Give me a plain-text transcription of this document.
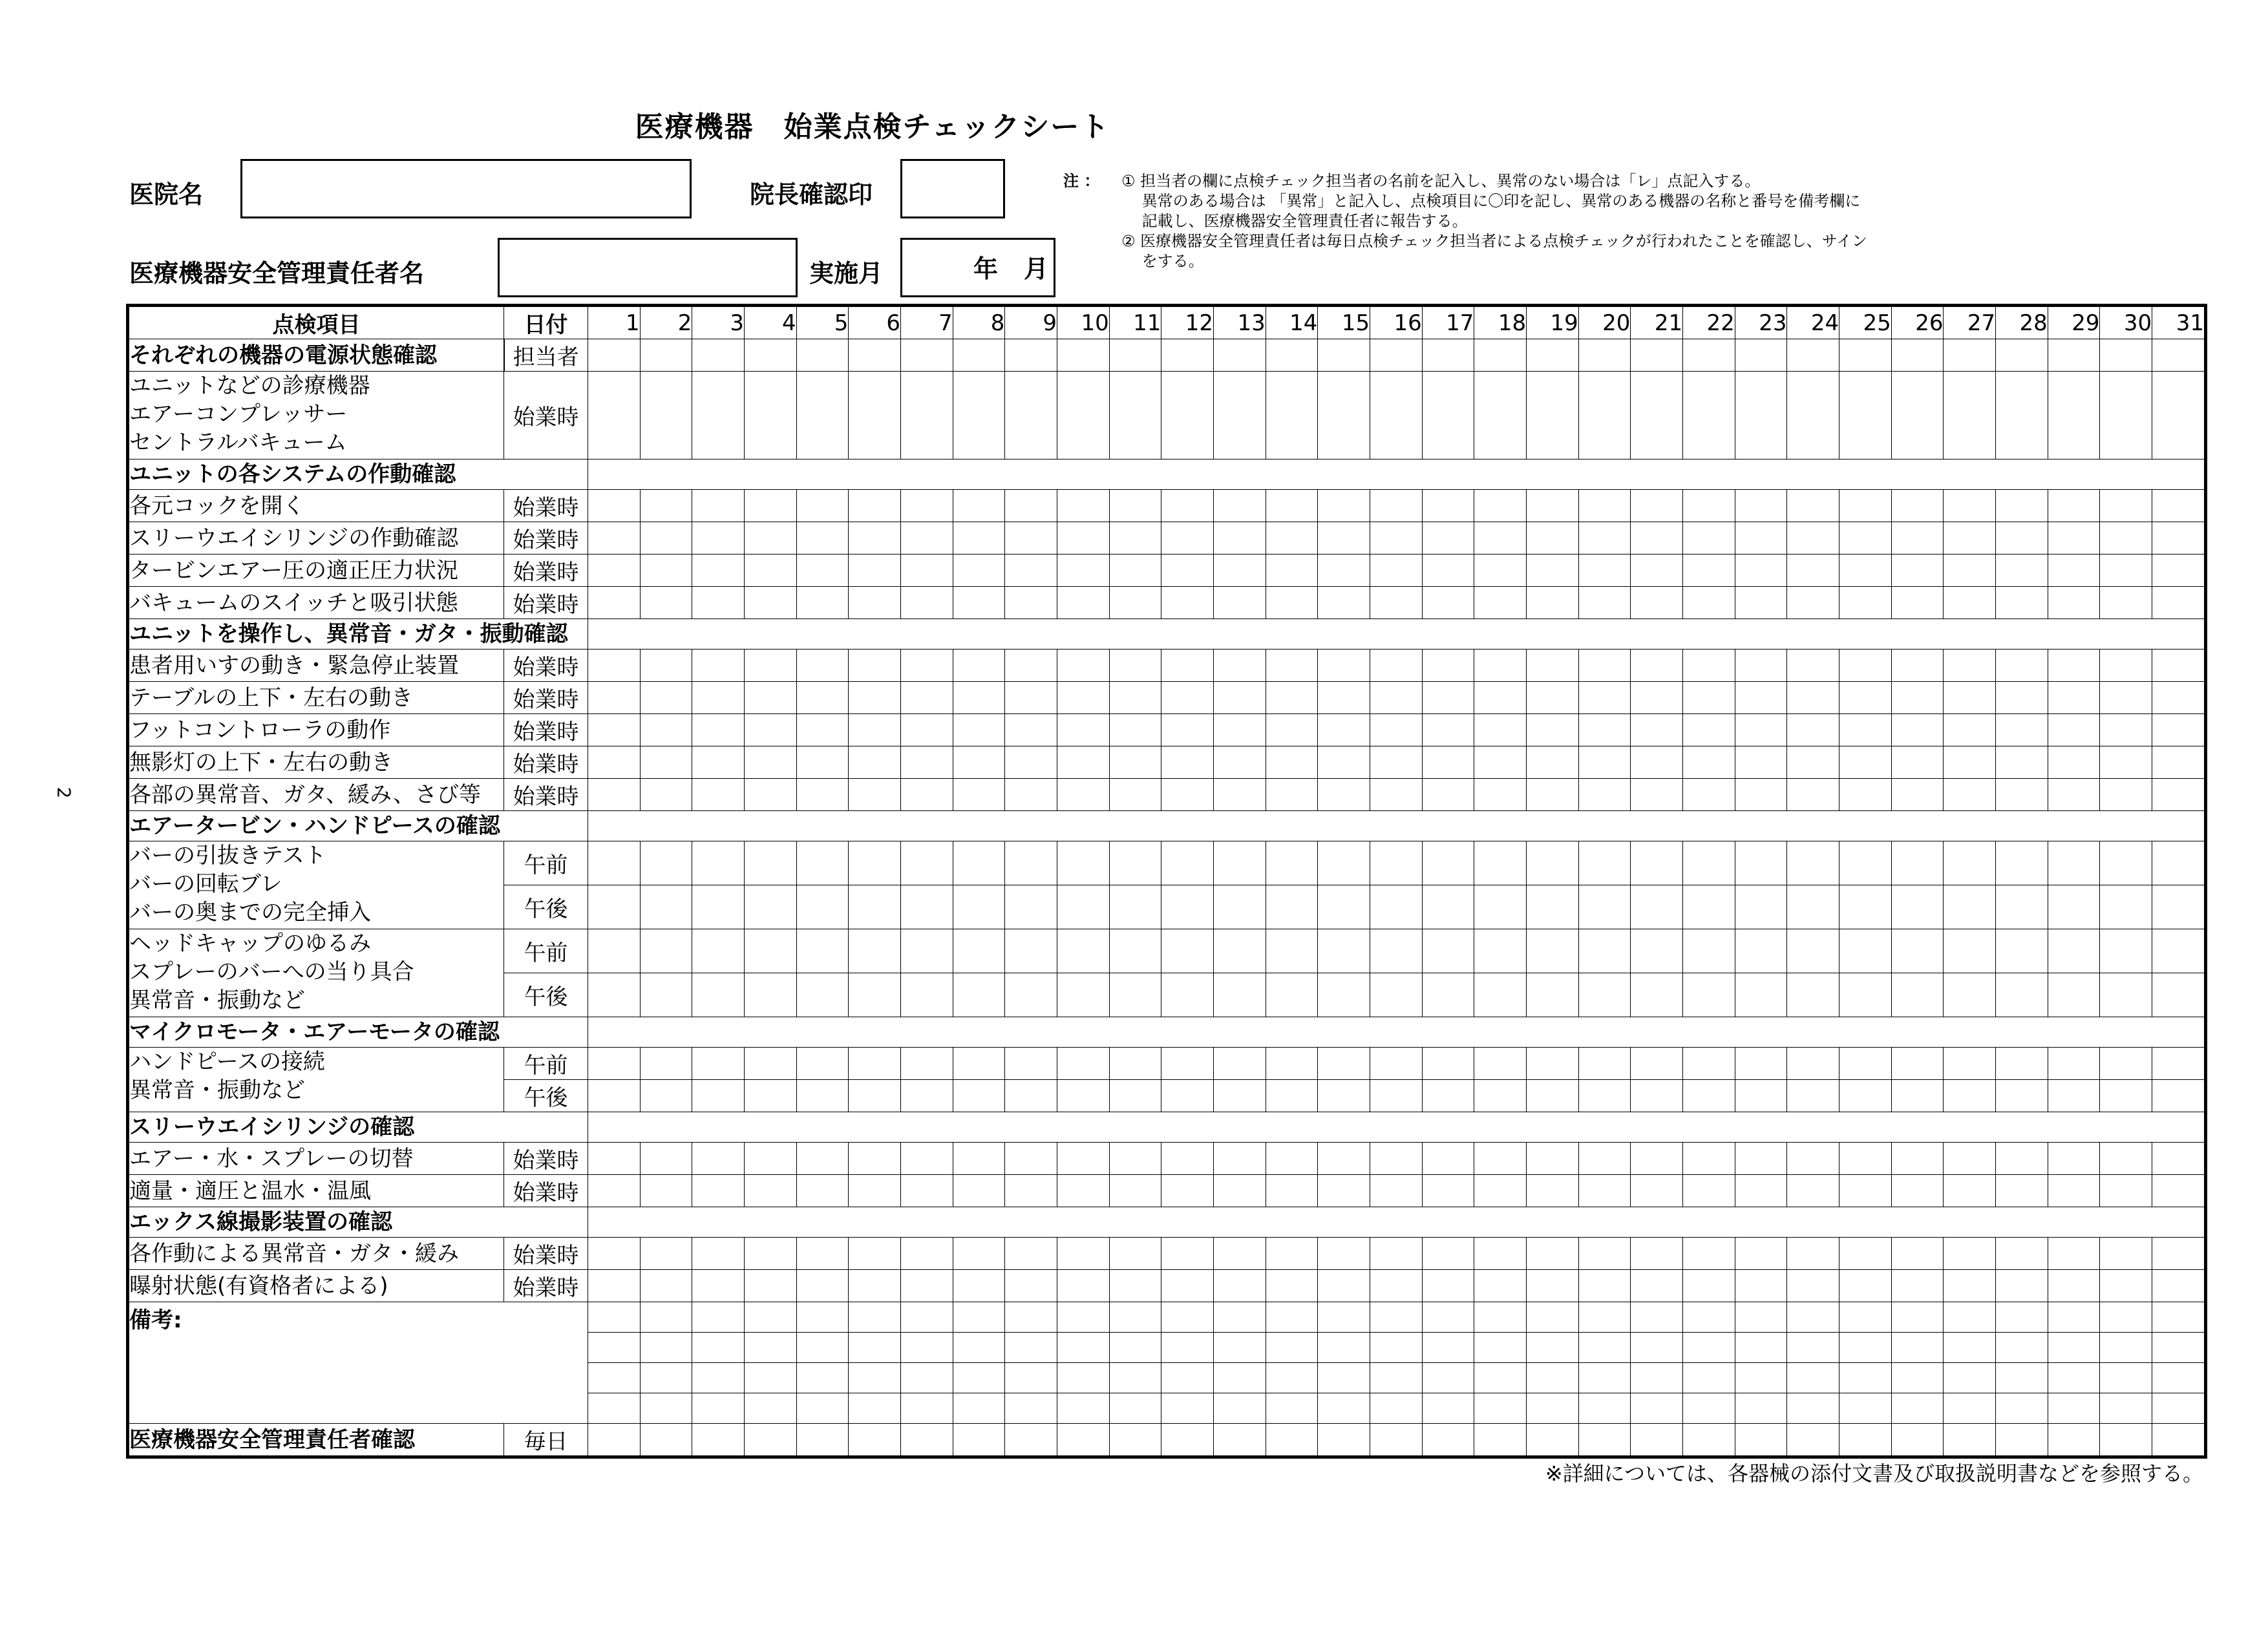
医療機器　始業点検チェックシート
医院名	院長確認印
医療機器安全管理責任者名	実施月	年 月
注 ： ① 担当者の欄に点検チェック担当者の名前を記入し、異常のない場合は「レ」点記入する。
　 異常のある場合は 「異常」と記入し、点検項目に〇印を記し、異常のある機器の名称と番号を備考欄に
　 記載し、医療機器安全管理責任者に報告する。
② 医療機器安全管理責任者は毎日点検チェック担当者による点検チェックが行われたことを確認し、サイン
　 をする。
2
点検項目	日付	1	2	3	4	5	6	7	8	9	10	11	12	13	14	15	16	17	18	19	20	21	22	23	24	25	26	27	28	29	30	31
それぞれの機器の電源状態確認	担当者																															

ユニットなどの診療機器
エアーコンプレッサー
セントラルバキューム	始業時																															
ユニットの各システムの作動確認																																
各元コックを開く	始業時																															
スリーウエイシリンジの作動確認	始業時																															
タービンエアー圧の適正圧力状況	始業時																															
バキュームのスイッチと吸引状態	始業時																															
ユニットを操作し、異常音・ガタ・振動確認																																
患者用いすの動き・緊急停止装置	始業時																															
テーブルの上下・左右の動き	始業時																															
フットコントローラの動作	始業時																															
無影灯の上下・左右の動き	始業時																															
各部の異常音、ガタ、緩み、さび等	始業時																															
エアータービン・ハンドピースの確認																																

バーの引抜きテスト
バーの回転ブレ
バーの奥までの完全挿入	午前																															
	午後																															

ヘッドキャップのゆるみ
スプレーのバーへの当り具合
異常音・振動など	午前																															
	午後																															
マイクロモータ・エアーモータの確認																																

ハンドピースの接続
異常音・振動など	午前																															
	午後																															
スリーウエイシリンジの確認																																
エアー・水・スプレーの切替	始業時																															
適量・適圧と温水・温風	始業時																															
エックス線撮影装置の確認																																
各作動による異常音・ガタ・緩み	始業時																															
曝射状態(有資格者による)	始業時																															
備考:																																

医療機器安全管理責任者確認	毎日																															
※詳細については、各器械の添付文書及び取扱説明書などを参照する。
